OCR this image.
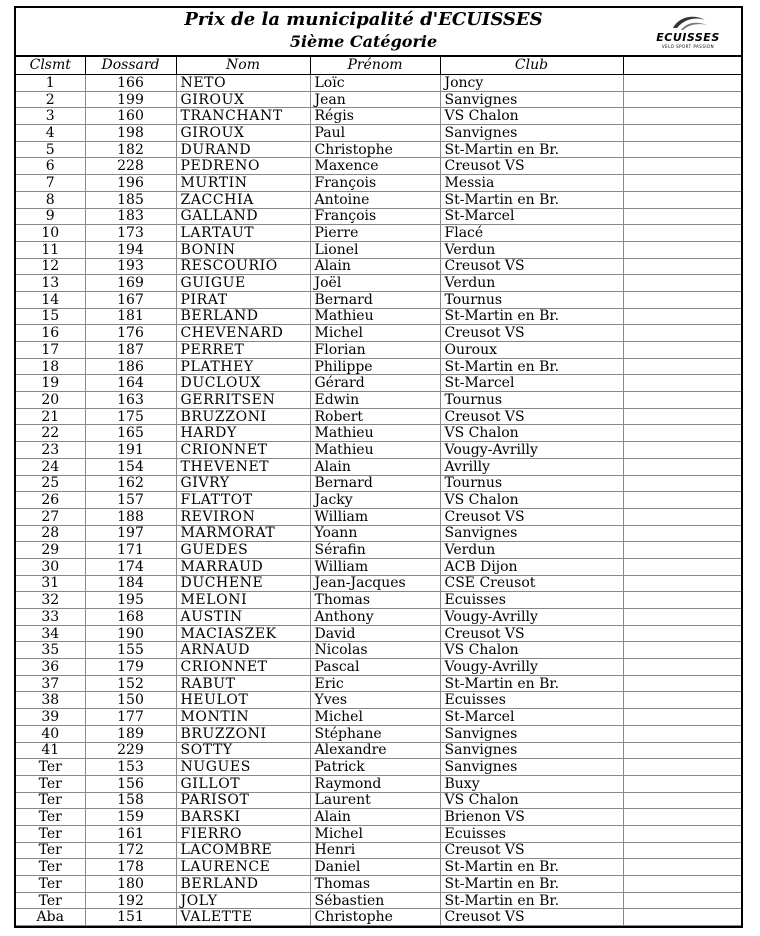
Prix de la municipalité d'ECUISSES
5ième Catégorie	ECUISSES
VELO SPORT PASSION
Clsmt	Dossard	Nom	Prénom	Club	
1	166	NETO	Loïc	Joncy	
2	199	GIROUX	Jean	Sanvignes	
3	160	TRANCHANT	Régis	VS Chalon	
4	198	GIROUX	Paul	Sanvignes	
5	182	DURAND	Christophe	St-Martin en Br.	
6	228	PEDRENO	Maxence	Creusot VS	
7	196	MURTIN	François	Messia	
8	185	ZACCHIA	Antoine	St-Martin en Br.	
9	183	GALLAND	François	St-Marcel	
10	173	LARTAUT	Pierre	Flacé	
11	194	BONIN	Lionel	Verdun	
12	193	RESCOURIO	Alain	Creusot VS	
13	169	GUIGUE	Joël	Verdun	
14	167	PIRAT	Bernard	Tournus	
15	181	BERLAND	Mathieu	St-Martin en Br.	
16	176	CHEVENARD	Michel	Creusot VS	
17	187	PERRET	Florian	Ouroux	
18	186	PLATHEY	Philippe	St-Martin en Br.	
19	164	DUCLOUX	Gérard	St-Marcel	
20	163	GERRITSEN	Edwin	Tournus	
21	175	BRUZZONI	Robert	Creusot VS	
22	165	HARDY	Mathieu	VS Chalon	
23	191	CRIONNET	Mathieu	Vougy-Avrilly	
24	154	THEVENET	Alain	Avrilly	
25	162	GIVRY	Bernard	Tournus	
26	157	FLATTOT	Jacky	VS Chalon	
27	188	REVIRON	William	Creusot VS	
28	197	MARMORAT	Yoann	Sanvignes	
29	171	GUEDES	Sérafin	Verdun	
30	174	MARRAUD	William	ACB Dijon	
31	184	DUCHENE	Jean-Jacques	CSE Creusot	
32	195	MELONI	Thomas	Ecuisses	
33	168	AUSTIN	Anthony	Vougy-Avrilly	
34	190	MACIASZEK	David	Creusot VS	
35	155	ARNAUD	Nicolas	VS Chalon	
36	179	CRIONNET	Pascal	Vougy-Avrilly	
37	152	RABUT	Eric	St-Martin en Br.	
38	150	HEULOT	Yves	Ecuisses	
39	177	MONTIN	Michel	St-Marcel	
40	189	BRUZZONI	Stéphane	Sanvignes	
41	229	SOTTY	Alexandre	Sanvignes	
Ter	153	NUGUES	Patrick	Sanvignes	
Ter	156	GILLOT	Raymond	Buxy	
Ter	158	PARISOT	Laurent	VS Chalon	
Ter	159	BARSKI	Alain	Brienon VS	
Ter	161	FIERRO	Michel	Ecuisses	
Ter	172	LACOMBRE	Henri	Creusot VS	
Ter	178	LAURENCE	Daniel	St-Martin en Br.	
Ter	180	BERLAND	Thomas	St-Martin en Br.	
Ter	192	JOLY	Sébastien	St-Martin en Br.	
Aba	151	VALETTE	Christophe	Creusot VS	
